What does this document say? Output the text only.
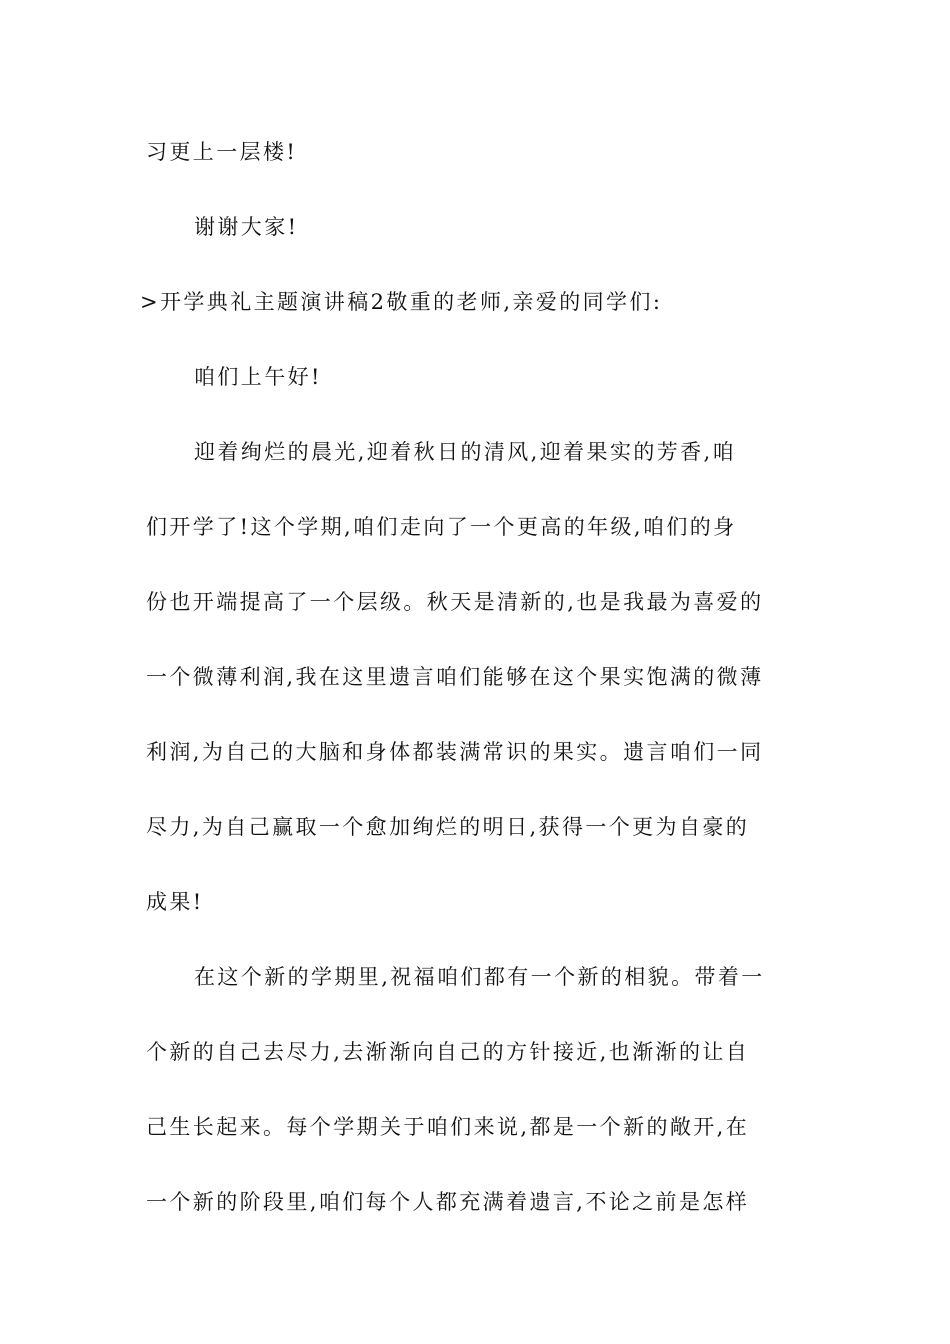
习更上一层楼!
谢谢大家!
>开学典礼主题演讲稿2敬重的老师,亲爱的同学们:
咱们上午好!
迎着绚烂的晨光,迎着秋日的清风,迎着果实的芳香,咱
们开学了!这个学期,咱们走向了一个更高的年级,咱们的身
份也开端提高了一个层级。秋天是清新的,也是我最为喜爱的
一个微薄利润,我在这里遗言咱们能够在这个果实饱满的微薄
利润,为自己的大脑和身体都装满常识的果实。遗言咱们一同
尽力,为自己赢取一个愈加绚烂的明日,获得一个更为自豪的
成果!
在这个新的学期里,祝福咱们都有一个新的相貌。带着一
个新的自己去尽力,去渐渐向自己的方针接近,也渐渐的让自
己生长起来。每个学期关于咱们来说,都是一个新的敞开,在
一个新的阶段里,咱们每个人都充满着遗言,不论之前是怎样
